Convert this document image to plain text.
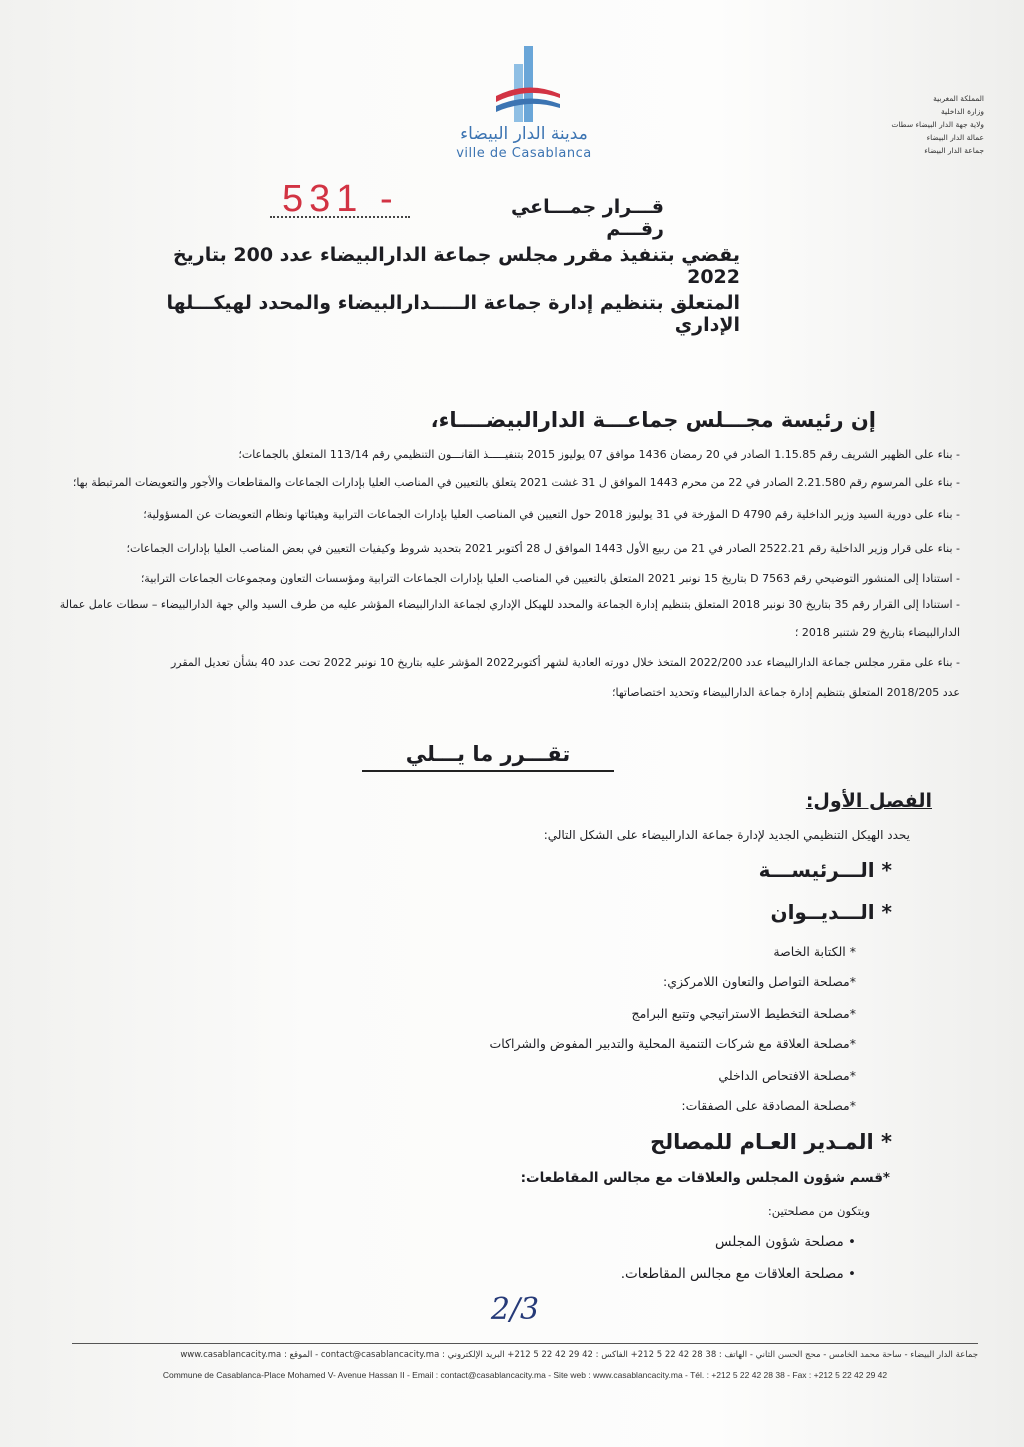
مدينة الدار البيضاء
ville de Casablanca
المملكة المغربية
وزارة الداخلية
ولاية جهة الدار البيضاء سطات
عمالة الدار البيضاء
جماعة الدار البيضاء
531 -	قـــرار جمـــاعي رقـــم
يقضي بتنفيذ مقرر مجلس جماعة الدارالبيضاء عدد 200 بتاريخ 2022
المتعلق بتنظيم إدارة جماعة الـــــدارالبيضاء والمحدد لهيكـــلها الإداري
إن رئيسة مجـــلس جماعـــة الدارالبيضــــاء،
- بناء على الظهير الشريف رقم 1.15.85 الصادر في 20 رمضان 1436 موافق 07 يوليوز 2015 بتنفيـــــذ القانـــون التنظيمي رقم 113/14 المتعلق بالجماعات؛
- بناء على المرسوم رقم 2.21.580 الصادر في 22 من محرم 1443 الموافق ل 31 غشت 2021 يتعلق بالتعيين في المناصب العليا بإدارات الجماعات والمقاطعات والأجور والتعويضات المرتبطة بها؛
- بناء على دورية السيد وزير الداخلية رقم D 4790 المؤرخة في 31 يوليوز 2018 حول التعيين في المناصب العليا بإدارات الجماعات الترابية وهيئاتها ونظام التعويضات عن المسؤولية؛
- بناء على قرار وزير الداخلية رقم 2522.21 الصادر في 21 من ربيع الأول 1443 الموافق ل 28 أكتوبر 2021 بتحديد شروط وكيفيات التعيين في بعض المناصب العليا بإدارات الجماعات؛
- استنادا إلى المنشور التوضيحي رقم D 7563 بتاريخ 15 نونبر 2021 المتعلق بالتعيين في المناصب العليا بإدارات الجماعات الترابية ومؤسسات التعاون ومجموعات الجماعات الترابية؛
- استنادا إلى القرار رقم 35 بتاريخ 30 نونبر 2018 المتعلق بتنظيم إدارة الجماعة والمحدد للهيكل الإداري لجماعة الدارالبيضاء المؤشر عليه من طرف السيد والي جهة الدارالبيضاء – سطات عامل عمالة
الدارالبيضاء بتاريخ 29 شتنبر 2018 ؛
- بناء على مقرر مجلس جماعة الدارالبيضاء عدد 2022/200 المتخذ خلال دورته العادية لشهر أكتوبر2022 المؤشر عليه بتاريخ 10 نونبر 2022 تحت عدد 40 بشأن تعديل المقرر
عدد 2018/205 المتعلق بتنظيم إدارة جماعة الدارالبيضاء وتحديد اختصاصاتها؛
تقـــرر ما يـــلي
الفصل الأول:
يحدد الهيكل التنظيمي الجديد لإدارة جماعة الدارالبيضاء على الشكل التالي:
* الـــرئيســـة
* الـــديــوان
* الكتابة الخاصة
*مصلحة التواصل والتعاون اللامركزي:
*مصلحة التخطيط الاستراتيجي وتتبع البرامج
*مصلحة العلاقة مع شركات التنمية المحلية والتدبير المفوض والشراكات
*مصلحة الافتحاص الداخلي
*مصلحة المصادقة على الصفقات:
* المـدير العـام للمصالح
*قسم شؤون المجلس والعلاقات مع مجالس المقاطعات:
ويتكون من مصلحتين:
• مصلحة شؤون المجلس
• مصلحة العلاقات مع مجالس المقاطعات.
2/3
جماعة الدار البيضاء - ساحة محمد الخامس - محج الحسن الثاني - الهاتف : 38 28 42 22 5 212+ الفاكس : 42 29 42 22 5 212+ البريد الإلكتروني : contact@casablancacity.ma - الموقع : www.casablancacity.ma
Commune de Casablanca-Place Mohamed V- Avenue Hassan II - Email : contact@casablancacity.ma - Site web : www.casablancacity.ma - Tél. : +212 5 22 42 28 38 - Fax : +212 5 22 42 29 42
